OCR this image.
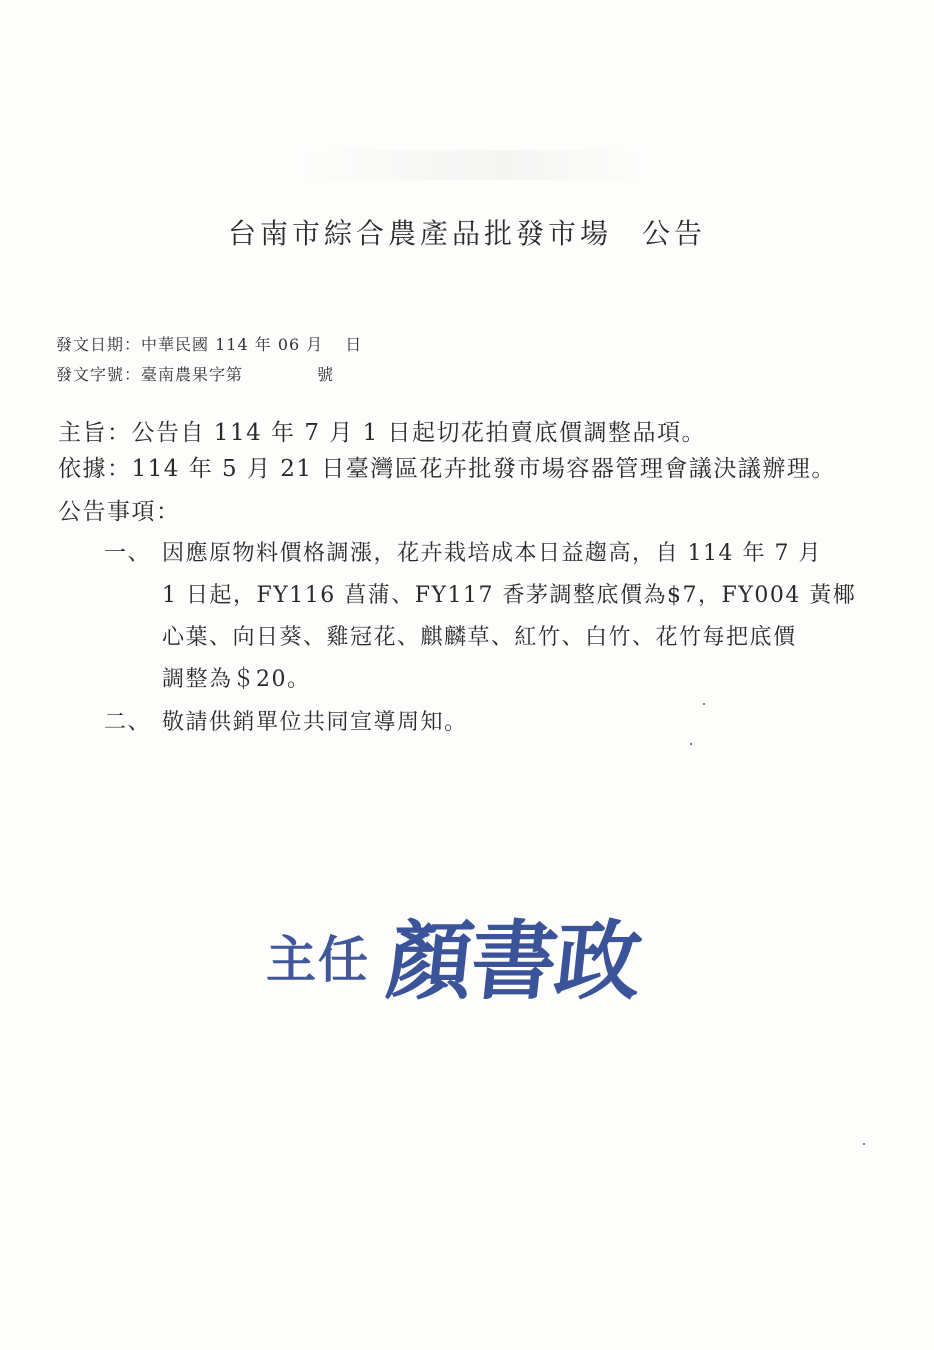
台南市綜合農產品批發市場 公告
發文日期：中華民國 114 年 06 月 日
發文字號：臺南農果字第	號
主旨：公告自 114 年 7 月 1 日起切花拍賣底價調整品項。
依據：114 年 5 月 21 日臺灣區花卉批發市場容器管理會議決議辦理。
公告事項：
一、 因應原物料價格調漲，花卉栽培成本日益趨高，自 114 年 7 月
1 日起，FY116 菖蒲、FY117 香茅調整底價為$7，FY004 黃椰
心葉、向日葵、雞冠花、麒麟草、紅竹、白竹、花竹每把底價
調整為＄20。
二、 敬請供銷單位共同宣導周知。
主任 顏書政
